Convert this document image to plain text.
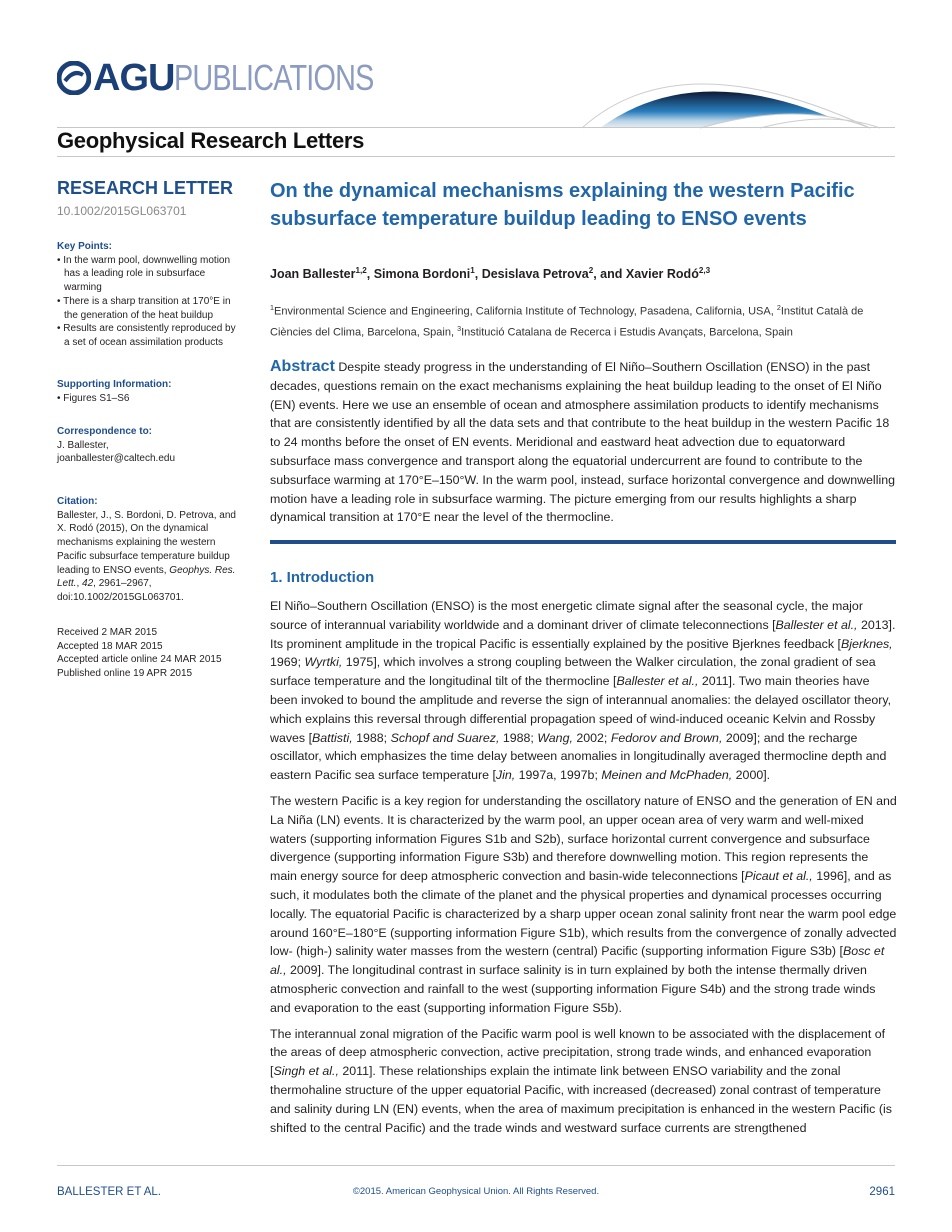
AGU PUBLICATIONS
Geophysical Research Letters
RESEARCH LETTER
10.1002/2015GL063701
Key Points:
• In the warm pool, downwelling motion has a leading role in subsurface warming
• There is a sharp transition at 170°E in the generation of the heat buildup
• Results are consistently reproduced by a set of ocean assimilation products
Supporting Information:
• Figures S1–S6
Correspondence to:
J. Ballester,
joanballester@caltech.edu
Citation:
Ballester, J., S. Bordoni, D. Petrova, and X. Rodó (2015), On the dynamical mechanisms explaining the western Pacific subsurface temperature buildup leading to ENSO events, Geophys. Res. Lett., 42, 2961–2967, doi:10.1002/2015GL063701.
Received 2 MAR 2015
Accepted 18 MAR 2015
Accepted article online 24 MAR 2015
Published online 19 APR 2015
On the dynamical mechanisms explaining the western Pacific subsurface temperature buildup leading to ENSO events
Joan Ballester$^{1,2}$, Simona Bordoni$^1$, Desislava Petrova$^2$, and Xavier Rodó$^{2,3}$
$^1$Environmental Science and Engineering, California Institute of Technology, Pasadena, California, USA, $^2$Institut Català de Ciències del Clima, Barcelona, Spain, $^3$Institució Catalana de Recerca i Estudis Avançats, Barcelona, Spain
Abstract Despite steady progress in the understanding of El Niño–Southern Oscillation (ENSO) in the past decades, questions remain on the exact mechanisms explaining the heat buildup leading to the onset of El Niño (EN) events. Here we use an ensemble of ocean and atmosphere assimilation products to identify mechanisms that are consistently identified by all the data sets and that contribute to the heat buildup in the western Pacific 18 to 24 months before the onset of EN events. Meridional and eastward heat advection due to equatorward subsurface mass convergence and transport along the equatorial undercurrent are found to contribute to the subsurface warming at 170°E–150°W. In the warm pool, instead, surface horizontal convergence and downwelling motion have a leading role in subsurface warming. The picture emerging from our results highlights a sharp dynamical transition at 170°E near the level of the thermocline.
1. Introduction

El Niño–Southern Oscillation (ENSO) is the most energetic climate signal after the seasonal cycle, the major source of interannual variability worldwide and a dominant driver of climate teleconnections [Ballester et al., 2013]. Its prominent amplitude in the tropical Pacific is essentially explained by the positive Bjerknes feedback [Bjerknes, 1969; Wyrtki, 1975], which involves a strong coupling between the Walker circulation, the zonal gradient of sea surface temperature and the longitudinal tilt of the thermocline [Ballester et al., 2011]. Two main theories have been invoked to bound the amplitude and reverse the sign of interannual anomalies: the delayed oscillator theory, which explains this reversal through differential propagation speed of wind-induced oceanic Kelvin and Rossby waves [Battisti, 1988; Schopf and Suarez, 1988; Wang, 2002; Fedorov and Brown, 2009]; and the recharge oscillator, which emphasizes the time delay between anomalies in longitudinally averaged thermocline depth and eastern Pacific sea surface temperature [Jin, 1997a, 1997b; Meinen and McPhaden, 2000].

The western Pacific is a key region for understanding the oscillatory nature of ENSO and the generation of EN and La Niña (LN) events. It is characterized by the warm pool, an upper ocean area of very warm and well-mixed waters (supporting information Figures S1b and S2b), surface horizontal current convergence and subsurface divergence (supporting information Figure S3b) and therefore downwelling motion. This region represents the main energy source for deep atmospheric convection and basin-wide teleconnections [Picaut et al., 1996], and as such, it modulates both the climate of the planet and the physical properties and dynamical processes occurring locally. The equatorial Pacific is characterized by a sharp upper ocean zonal salinity front near the warm pool edge around 160°E–180°E (supporting information Figure S1b), which results from the convergence of zonally advected low- (high-) salinity water masses from the western (central) Pacific (supporting information Figure S3b) [Bosc et al., 2009]. The longitudinal contrast in surface salinity is in turn explained by both the intense thermally driven atmospheric convection and rainfall to the west (supporting information Figure S4b) and the strong trade winds and evaporation to the east (supporting information Figure S5b).

The interannual zonal migration of the Pacific warm pool is well known to be associated with the displacement of the areas of deep atmospheric convection, active precipitation, strong trade winds, and enhanced evaporation [Singh et al., 2011]. These relationships explain the intimate link between ENSO variability and the zonal thermohaline structure of the upper equatorial Pacific, with increased (decreased) zonal contrast of temperature and salinity during LN (EN) events, when the area of maximum precipitation is enhanced in the western Pacific (is shifted to the central Pacific) and the trade winds and westward surface currents are strengthened

BALLESTER ET AL.	©2015. American Geophysical Union. All Rights Reserved.	2961
